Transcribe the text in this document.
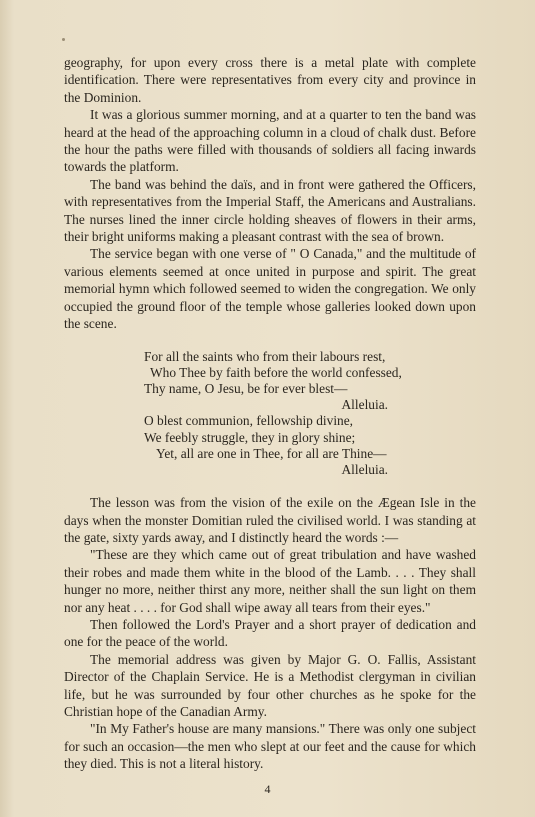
geography, for upon every cross there is a metal plate with complete identification. There were representatives from every city and province in the Dominion.

It was a glorious summer morning, and at a quarter to ten the band was heard at the head of the approaching column in a cloud of chalk dust. Before the hour the paths were filled with thousands of soldiers all facing inwards towards the platform.

The band was behind the daïs, and in front were gathered the Officers, with representatives from the Imperial Staff, the Americans and Australians. The nurses lined the inner circle holding sheaves of flowers in their arms, their bright uniforms making a pleasant contrast with the sea of brown.

The service began with one verse of " O Canada," and the multitude of various elements seemed at once united in purpose and spirit. The great memorial hymn which followed seemed to widen the congregation. We only occupied the ground floor of the temple whose galleries looked down upon the scene.

For all the saints who from their labours rest,
Who Thee by faith before the world confessed,
Thy name, O Jesu, be for ever blest—
Alleluia.
O blest communion, fellowship divine,
We feebly struggle, they in glory shine;
Yet, all are one in Thee, for all are Thine—
Alleluia.

The lesson was from the vision of the exile on the Ægean Isle in the days when the monster Domitian ruled the civilised world. I was standing at the gate, sixty yards away, and I distinctly heard the words :—

"These are they which came out of great tribulation and have washed their robes and made them white in the blood of the Lamb. . . . They shall hunger no more, neither thirst any more, neither shall the sun light on them nor any heat . . . . for God shall wipe away all tears from their eyes."

Then followed the Lord's Prayer and a short prayer of dedication and one for the peace of the world.

The memorial address was given by Major G. O. Fallis, Assistant Director of the Chaplain Service. He is a Methodist clergyman in civilian life, but he was surrounded by four other churches as he spoke for the Christian hope of the Canadian Army.

"In My Father's house are many mansions." There was only one subject for such an occasion—the men who slept at our feet and the cause for which they died. This is not a literal history.

4
